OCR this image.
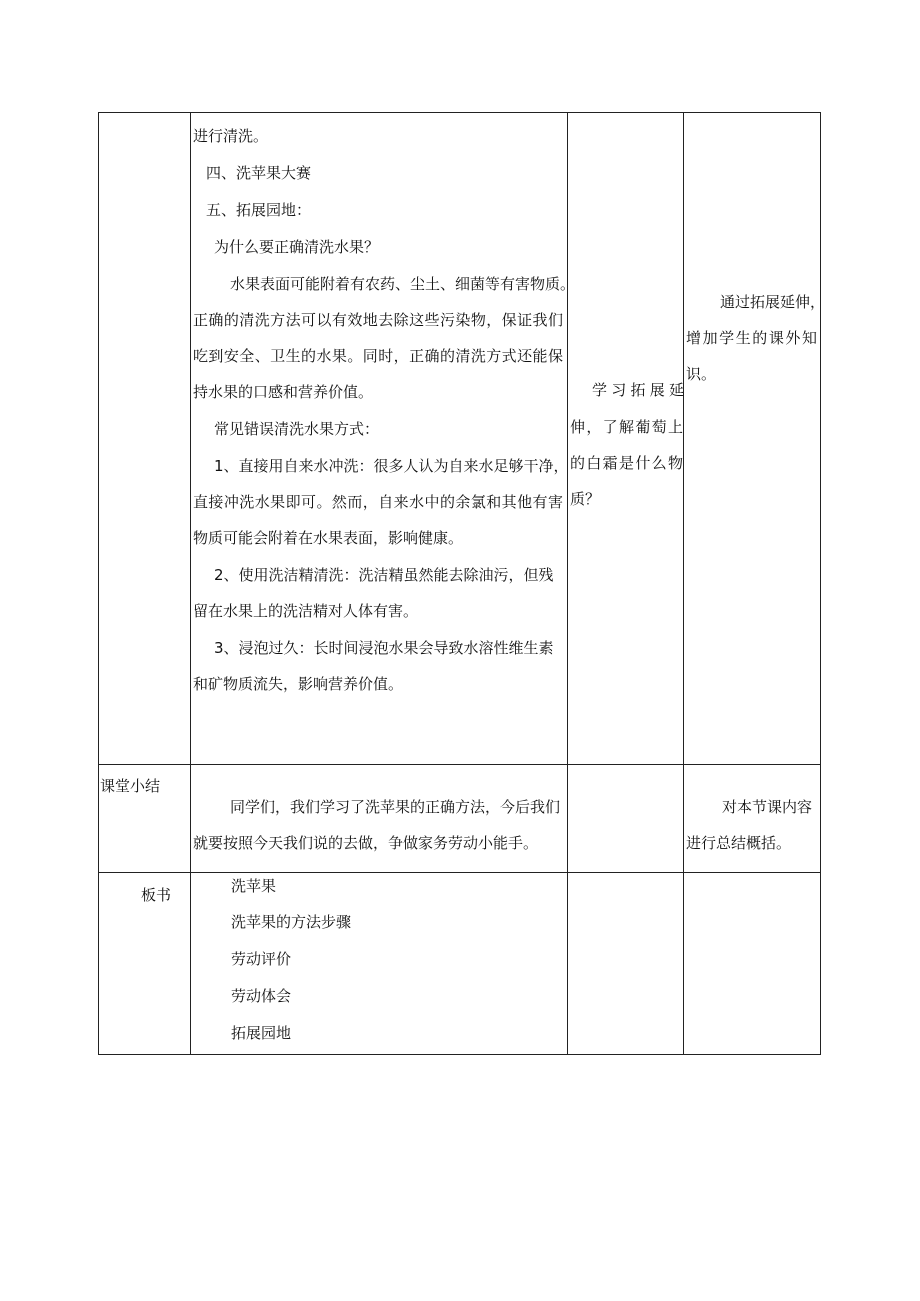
进行清洗。
四、洗苹果大赛
五、拓展园地：
为什么要正确清洗水果？
水果表面可能附着有农药、尘土、细菌等有害物质。
正确的清洗方法可以有效地去除这些污染物，保证我们
吃到安全、卫生的水果。同时，正确的清洗方式还能保
持水果的口感和营养价值。
常见错误清洗水果方式：
1、直接用自来水冲洗：很多人认为自来水足够干净，
直接冲洗水果即可。然而，自来水中的余氯和其他有害
物质可能会附着在水果表面，影响健康。
2、使用洗洁精清洗：洗洁精虽然能去除油污，但残
留在水果上的洗洁精对人体有害。
3、浸泡过久：长时间浸泡水果会导致水溶性维生素
和矿物质流失，影响营养价值。
学习拓展延
伸，了解葡萄上
的白霜是什么物
质？
通过拓展延伸，
增加学生的课外知
识。
课堂小结
同学们，我们学习了洗苹果的正确方法，今后我们
就要按照今天我们说的去做，争做家务劳动小能手。
对本节课内容
进行总结概括。
板书	洗苹果
洗苹果的方法步骤
劳动评价
劳动体会
拓展园地
